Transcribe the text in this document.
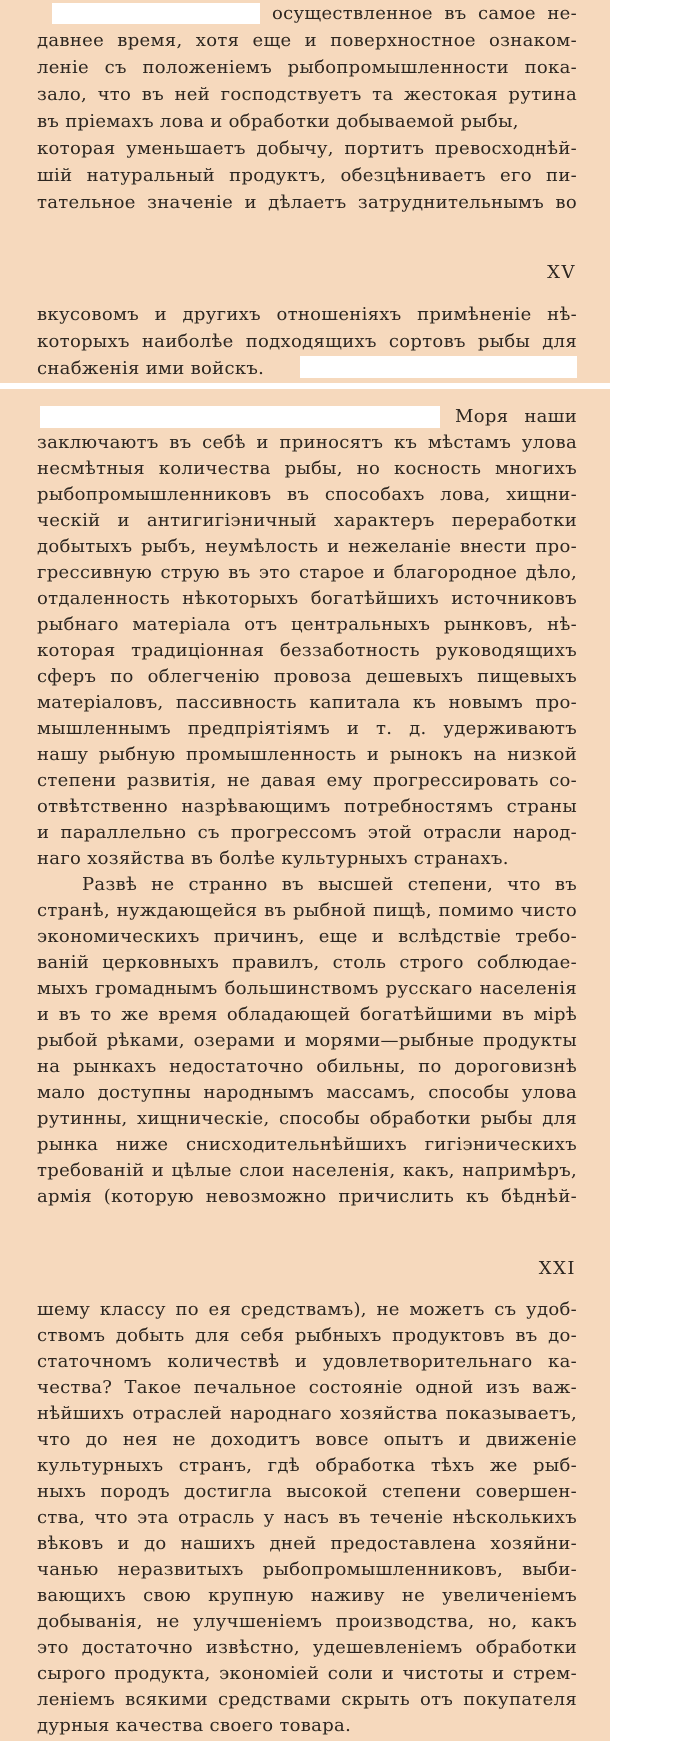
осуществленное въ самое не-
давнее время, хотя еще и поверхностное ознаком-
леніе съ положеніемъ рыбопромышленности пока-
зало, что въ ней господствуетъ та жестокая рутина
въ пріемахъ лова и обработки добываемой рыбы,
которая уменьшаетъ добычу, портитъ превосходнѣй-
шій натуральный продуктъ, обезцѣниваетъ его пи-
тательное значеніе и дѣлаетъ затруднительнымъ во
XV
вкусовомъ и другихъ отношеніяхъ примѣненіе нѣ-
которыхъ наиболѣе подходящихъ сортовъ рыбы для
снабженія ими войскъ.
Моря наши
заключаютъ въ себѣ и приносятъ къ мѣстамъ улова
несмѣтныя количества рыбы, но косность многихъ
рыбопромышленниковъ въ способахъ лова, хищни-
ческій и антигигіэничный характеръ переработки
добытыхъ рыбъ, неумѣлость и нежеланіе внести про-
грессивную струю въ это старое и благородное дѣло,
отдаленность нѣкоторыхъ богатѣйшихъ источниковъ
рыбнаго матеріала отъ центральныхъ рынковъ, нѣ-
которая традиціонная беззаботность руководящихъ
сферъ по облегченію провоза дешевыхъ пищевыхъ
матеріаловъ, пассивность капитала къ новымъ про-
мышленнымъ предпріятіямъ и т. д. удерживаютъ
нашу рыбную промышленность и рынокъ на низкой
степени развитія, не давая ему прогрессировать со-
отвѣтственно назрѣвающимъ потребностямъ страны
и параллельно съ прогрессомъ этой отрасли народ-
наго хозяйства въ болѣе культурныхъ странахъ.
Развѣ не странно въ высшей степени, что въ
странѣ, нуждающейся въ рыбной пищѣ, помимо чисто
экономическихъ причинъ, еще и вслѣдствіе требо-
ваній церковныхъ правилъ, столь строго соблюдае-
мыхъ громаднымъ большинствомъ русскаго населенія
и въ то же время обладающей богатѣйшими въ мірѣ
рыбой рѣками, озерами и морями—рыбные продукты
на рынкахъ недостаточно обильны, по дороговизнѣ
мало доступны народнымъ массамъ, способы улова
рутинны, хищническіе, способы обработки рыбы для
рынка ниже снисходительнѣйшихъ гигіэническихъ
требованій и цѣлые слои населенія, какъ, напримѣръ,
армія (которую невозможно причислить къ бѣднѣй-
XXI
шему классу по ея средствамъ), не можетъ съ удоб-
ствомъ добыть для себя рыбныхъ продуктовъ въ до-
статочномъ количествѣ и удовлетворительнаго ка-
чества? Такое печальное состояніе одной изъ важ-
нѣйшихъ отраслей народнаго хозяйства показываетъ,
что до нея не доходитъ вовсе опытъ и движеніе
культурныхъ странъ, гдѣ обработка тѣхъ же рыб-
ныхъ породъ достигла высокой степени совершен-
ства, что эта отрасль у насъ въ теченіе нѣсколькихъ
вѣковъ и до нашихъ дней предоставлена хозяйни-
чанью неразвитыхъ рыбопромышленниковъ, выби-
вающихъ свою крупную наживу не увеличеніемъ
добыванія, не улучшеніемъ производства, но, какъ
это достаточно извѣстно, удешевленіемъ обработки
сырого продукта, экономіей соли и чистоты и стрем-
леніемъ всякими средствами скрыть отъ покупателя
дурныя качества своего товара.
